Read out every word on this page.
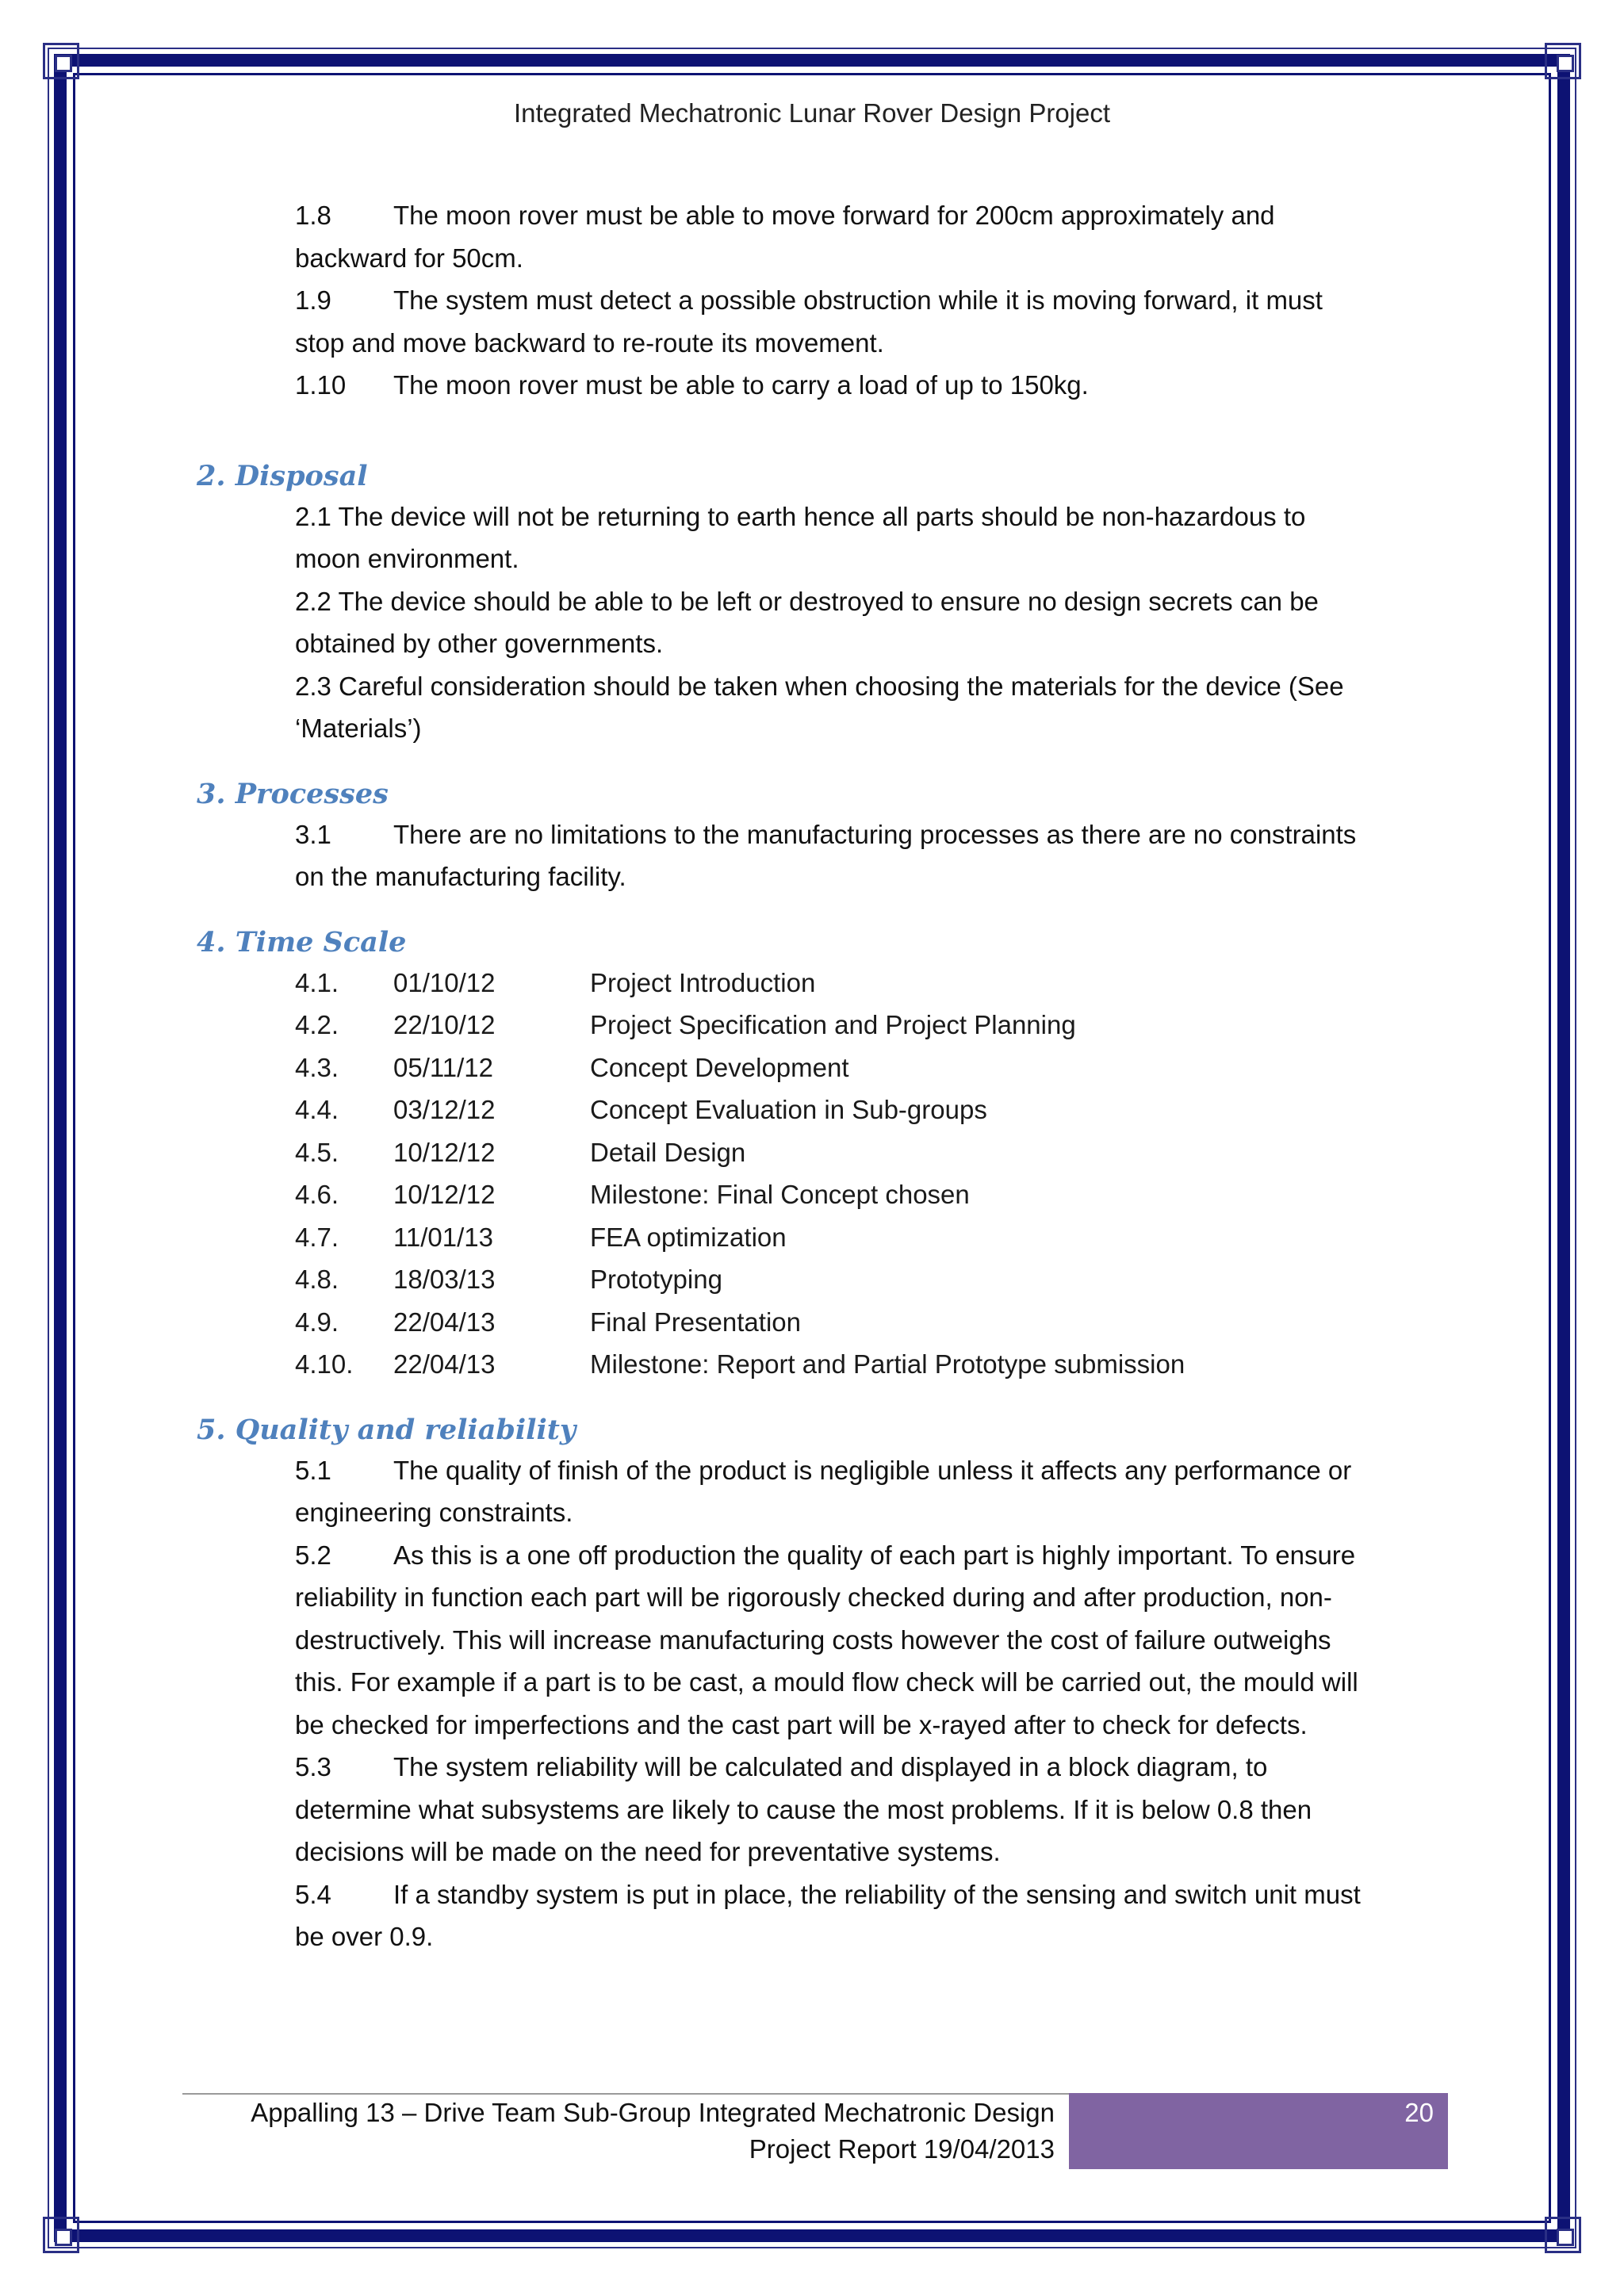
Integrated Mechatronic Lunar Rover Design Project
1.8 The moon rover must be able to move forward for 200cm approximately and
backward for 50cm.
1.9 The system must detect a possible obstruction while it is moving forward, it must
stop and move backward to re-route its movement.
1.10 The moon rover must be able to carry a load of up to 150kg.
2. Disposal
2.1 The device will not be returning to earth hence all parts should be non-hazardous to
moon environment.
2.2 The device should be able to be left or destroyed to ensure no design secrets can be
obtained by other governments.
2.3 Careful consideration should be taken when choosing the materials for the device (See
‘Materials’)
3. Processes
3.1 There are no limitations to the manufacturing processes as there are no constraints
on the manufacturing facility.
4. Time Scale
4.1. 01/10/12	Project Introduction
4.2. 22/10/12	Project Specification and Project Planning
4.3. 05/11/12	Concept Development
4.4. 03/12/12	Concept Evaluation in Sub-groups
4.5. 10/12/12	Detail Design
4.6. 10/12/12	Milestone: Final Concept chosen
4.7. 11/01/13	FEA optimization
4.8. 18/03/13	Prototyping
4.9. 22/04/13	Final Presentation
4.10. 22/04/13	Milestone: Report and Partial Prototype submission
5. Quality and reliability
5.1 The quality of finish of the product is negligible unless it affects any performance or
engineering constraints.
5.2 As this is a one off production the quality of each part is highly important. To ensure
reliability in function each part will be rigorously checked during and after production, non-
destructively. This will increase manufacturing costs however the cost of failure outweighs
this. For example if a part is to be cast, a mould flow check will be carried out, the mould will
be checked for imperfections and the cast part will be x-rayed after to check for defects.
5.3 The system reliability will be calculated and displayed in a block diagram, to
determine what subsystems are likely to cause the most problems. If it is below 0.8 then
decisions will be made on the need for preventative systems.
5.4 If a standby system is put in place, the reliability of the sensing and switch unit must
be over 0.9.
Appalling 13 – Drive Team Sub-Group Integrated Mechatronic Design
Project Report 19/04/2013
20
